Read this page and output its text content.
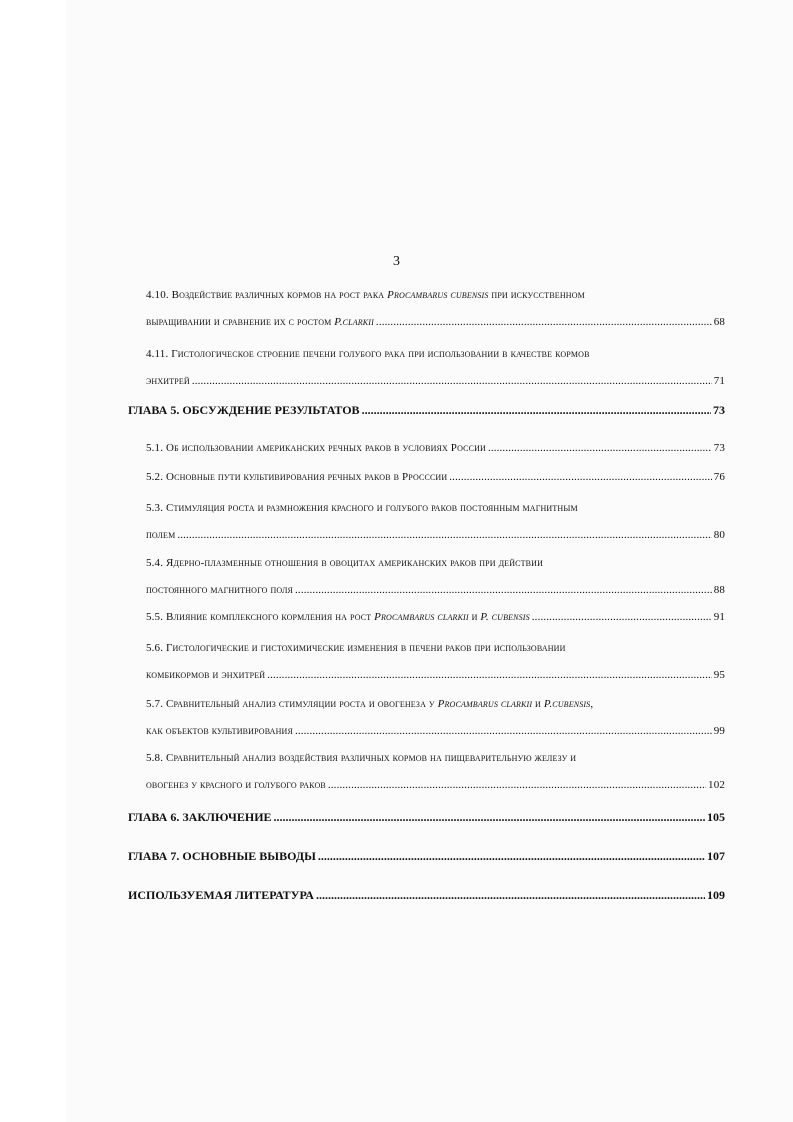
3
4.10. Воздействие различных кормов на рост рака Procambarus cubensis при искусственном
выращивании и сравнение их с ростом P.clarkii .....	68
4.11. Гистологическое строение печени голубого рака при использовании в качестве кормов
энхитрей .....	71
ГЛАВА 5. ОБСУЖДЕНИЕ РЕЗУЛЬТАТОВ .....	73
5.1. Об использовании американских речных раков в условиях России .....	73
5.2. Основные пути культивирования речных раков в Рросссии .....	76
5.3. Стимуляция роста и размножения красного и голубого раков постоянным магнитным
полем .....	80
5.4. Ядерно-плазменные отношения в овоцитах американских раков при действии
постоянного магнитного поля .....	88
5.5. Влияние комплексного кормления на рост Procambarus clarkii и P. cubensis .....	91
5.6. Гистологические и гистохимические изменения в печени раков при использовании
комбикормов и энхитрей .....	95
5.7. Сравнительный анализ стимуляции роста и овогенеза у Procambarus clarkii и P.cubensis,
как объектов культивирования .....	99
5.8. Сравнительный анализ воздействия различных кормов на пищеварительную железу и
овогенез у красного и голубого раков .....	102
ГЛАВА 6. ЗАКЛЮЧЕНИЕ .....	105
ГЛАВА 7. ОСНОВНЫЕ ВЫВОДЫ .....	107
ИСПОЛЬЗУЕМАЯ ЛИТЕРАТУРА .....	109
